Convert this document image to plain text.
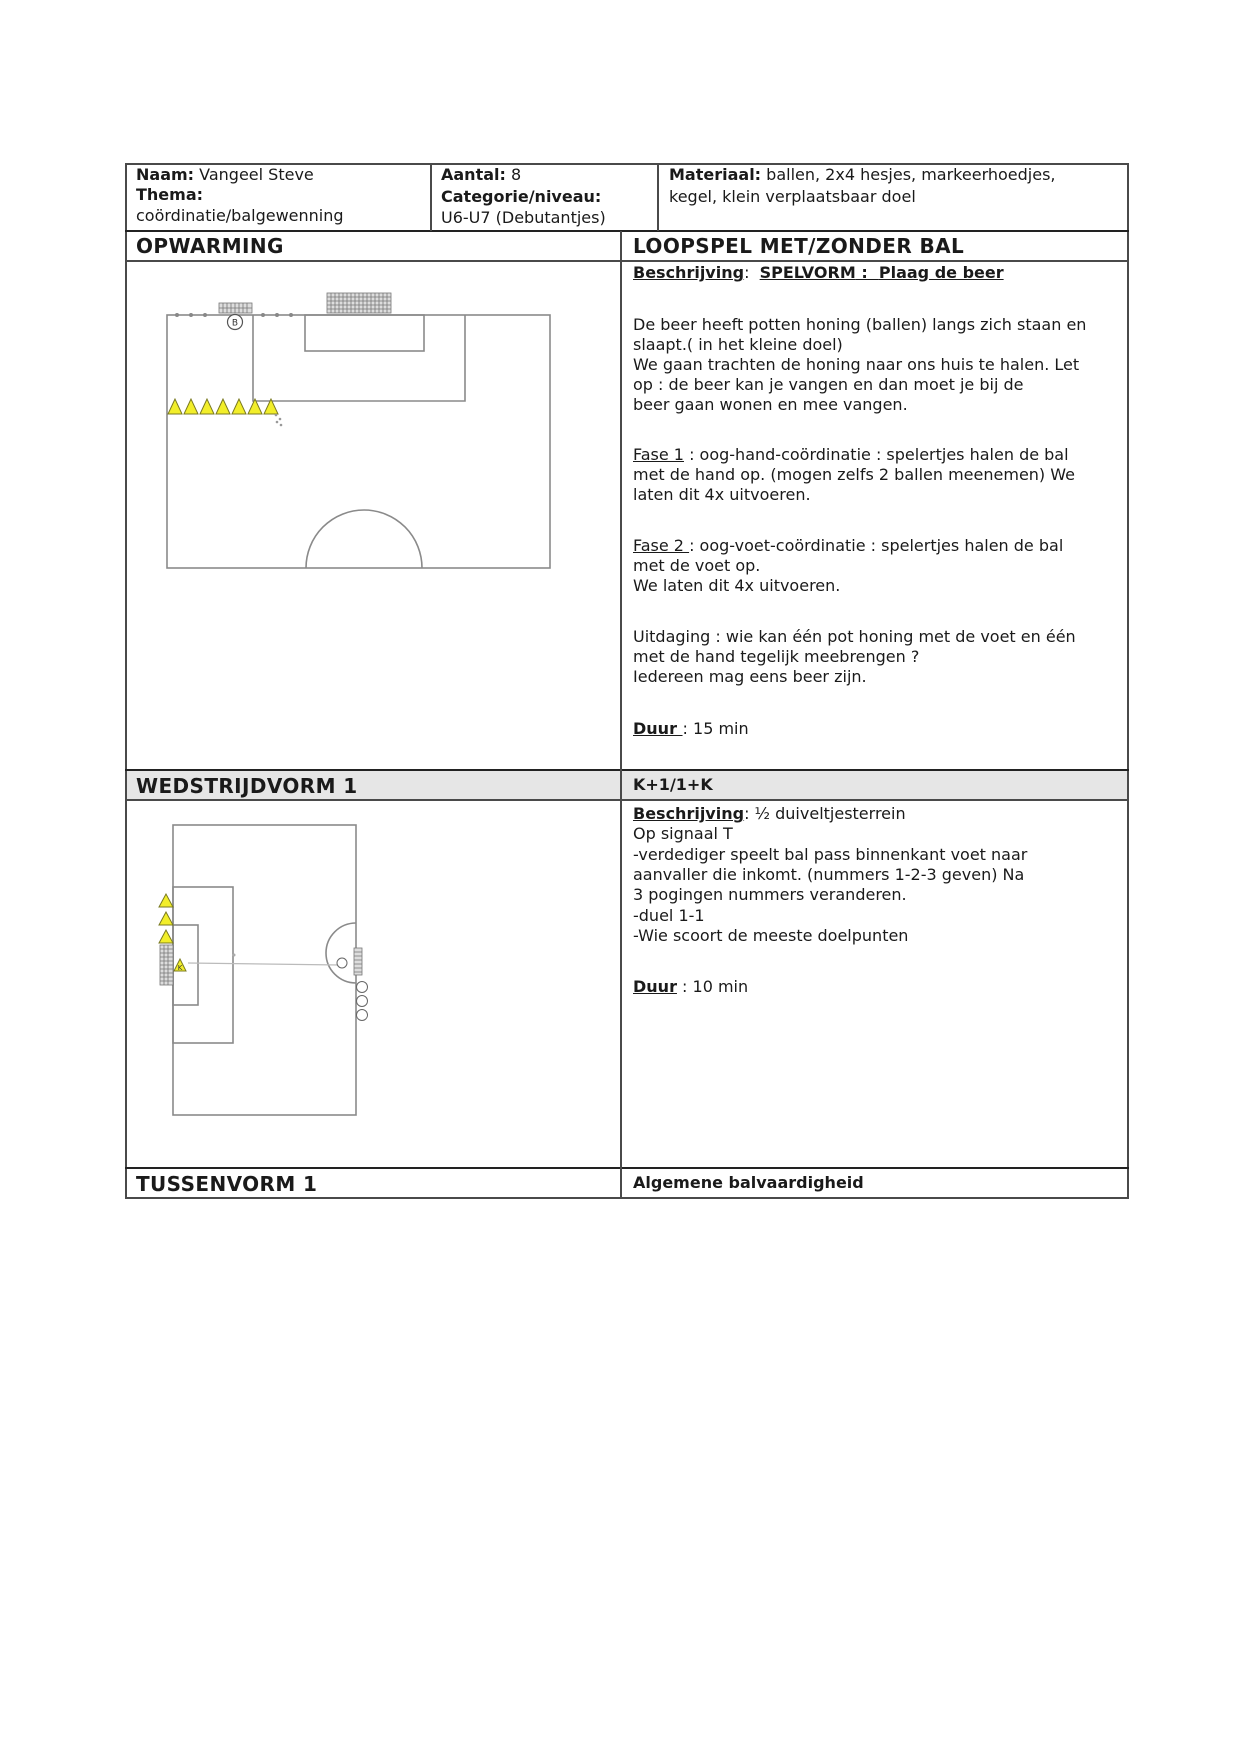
Naam: Vangeel Steve
Thema:
coördinatie/balgewenning
Aantal: 8
Categorie/niveau:
U6-U7 (Debutantjes)
Materiaal: ballen, 2x4 hesjes, markeerhoedjes,
kegel, klein verplaatsbaar doel
OPWARMING	LOOPSPEL MET/ZONDER BAL
Beschrijving:  SPELVORM :  Plaag de beer
De beer heeft potten honing (ballen) langs zich staan en
slaapt.( in het kleine doel)
We gaan trachten de honing naar ons huis te halen. Let
op : de beer kan je vangen en dan moet je bij de
beer gaan wonen en mee vangen.
Fase 1 : oog-hand-coördinatie : spelertjes halen de bal
met de hand op. (mogen zelfs 2 ballen meenemen) We
laten dit 4x uitvoeren.
Fase 2 : oog-voet-coördinatie : spelertjes halen de bal
met de voet op.
We laten dit 4x uitvoeren.
Uitdaging : wie kan één pot honing met de voet en één
met de hand tegelijk meebrengen ?
Iedereen mag eens beer zijn.
Duur : 15 min
B
WEDSTRIJDVORM 1	K+1/1+K
Beschrijving: ½ duiveltjesterrein
Op signaal T
-verdediger speelt bal pass binnenkant voet naar
aanvaller die inkomt. (nummers 1-2-3 geven) Na
3 pogingen nummers veranderen.
-duel 1-1
-Wie scoort de meeste doelpunten
Duur : 10 min
K
TUSSENVORM 1	Algemene balvaardigheid
